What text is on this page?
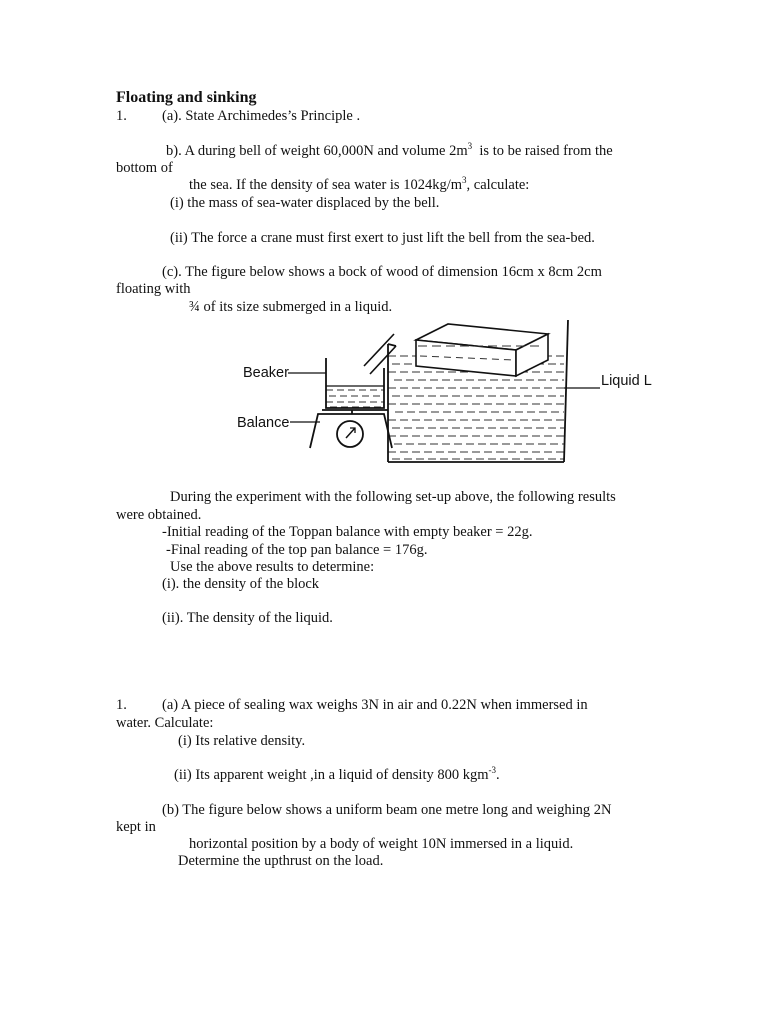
Floating and sinking
1. (a). State Archimedes’s Principle .
b). A during bell of weight 60,000N and volume $2m^3$  is to be raised from the
bottom of
the sea. If the density of sea water is $1024kg/m^3$, calculate:
(i) the mass of sea-water displaced by the bell.
(ii) The force a crane must first exert to just lift the bell from the sea-bed.
(c). The figure below shows a bock of wood of dimension 16cm x 8cm 2cm
floating with
¾ of its size submerged in a liquid.
Beaker
Balance
Liquid L
During the experiment with the following set-up above, the following results
were obtained.
-Initial reading of the Toppan balance with empty beaker = 22g.
-Final reading of the top pan balance = 176g.
Use the above results to determine:
(i). the density of the block
(ii). The density of the liquid.
1. (a) A piece of sealing wax weighs 3N in air and 0.22N when immersed in
water. Calculate:
(i) Its relative density.
(ii) Its apparent weight ,in a liquid of density 800 kgm$^{-3}$.
(b) The figure below shows a uniform beam one metre long and weighing 2N
kept in
horizontal position by a body of weight 10N immersed in a liquid.
Determine the upthrust on the load.
